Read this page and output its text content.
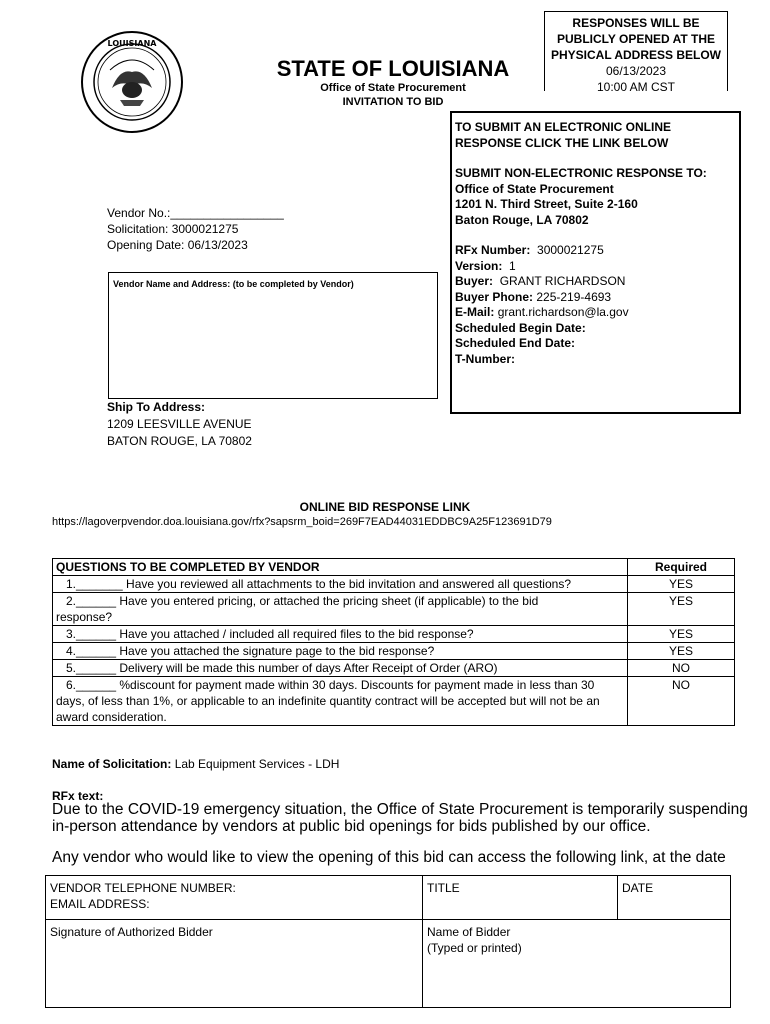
LOUISIANA
STATE OF LOUISIANA
Office of State Procurement
INVITATION TO BID
RESPONSES WILL BE
PUBLICLY OPENED AT THE
PHYSICAL ADDRESS BELOW
06/13/2023
10:00 AM CST
TO SUBMIT AN ELECTRONIC ONLINE
RESPONSE CLICK THE LINK BELOW
SUBMIT NON-ELECTRONIC RESPONSE TO:
Office of State Procurement
1201 N. Third Street, Suite 2-160
Baton Rouge, LA 70802
RFx Number: 3000021275
Version: 1
Buyer: GRANT RICHARDSON
Buyer Phone: 225-219-4693
E-Mail: grant.richardson@la.gov
Scheduled Begin Date:
Scheduled End Date:
T-Number:
Vendor No.:_________________
Solicitation: 3000021275
Opening Date: 06/13/2023
Vendor Name and Address: (to be completed by Vendor)
Ship To Address:
1209 LEESVILLE AVENUE
BATON ROUGE, LA 70802
ONLINE BID RESPONSE LINK
https://lagoverpvendor.doa.louisiana.gov/rfx?sapsrm_boid=269F7EAD44031EDDBC9A25F123691D79
QUESTIONS TO BE COMPLETED BY VENDOR	Required

1._______ Have you reviewed all attachments to the bid invitation and answered all questions?	YES

2.______ Have you entered pricing, or attached the pricing sheet (if applicable) to the bid
response?	YES

3.______ Have you attached / included all required files to the bid response?	YES

4.______ Have you attached the signature page to the bid response?	YES

5.______ Delivery will be made this number of days After Receipt of Order (ARO)	NO

6.______ %discount for payment made within 30 days. Discounts for payment made in less than 30
days, of less than 1%, or applicable to an indefinite quantity contract will be accepted but will not be an award consideration.	NO
Name of Solicitation: Lab Equipment Services - LDH
RFx text:
Due to the COVID-19 emergency situation, the Office of State Procurement is temporarily suspending in-person attendance by vendors at public bid openings for bids published by our office.
Any vendor who would like to view the opening of this bid can access the following link, at the date
VENDOR TELEPHONE NUMBER:
EMAIL ADDRESS:	TITLE	DATE
Signature of Authorized Bidder	Name of Bidder
(Typed or printed)	
